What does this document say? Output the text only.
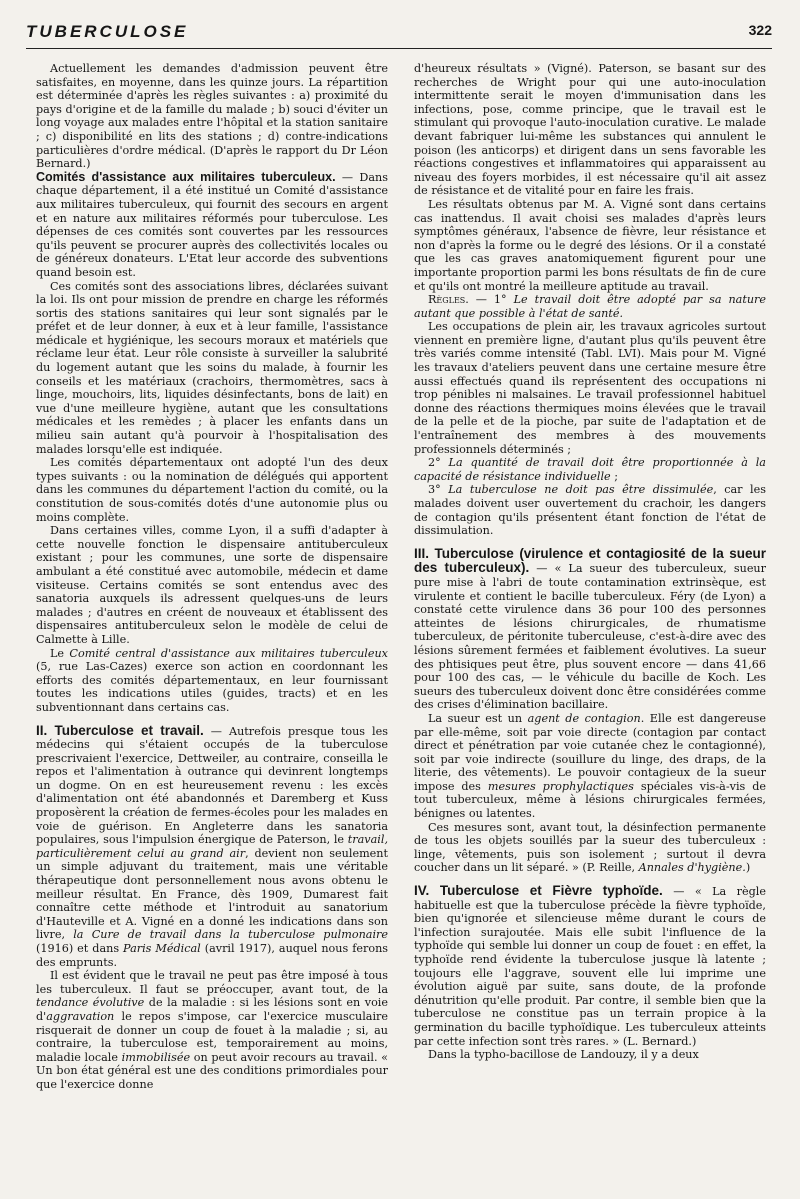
TUBERCULOSE	322

Actuellement les demandes d'admission peuvent être satisfaites, en moyenne, dans les quinze jours. La répartition est déterminée d'après les règles suivantes : a) proximité du pays d'origine et de la famille du malade ; b) souci d'éviter un long voyage aux malades entre l'hôpital et la station sanitaire ; c) disponibilité en lits des stations ; d) contre-indications particulières d'ordre médical. (D'après le rapport du Dr Léon Bernard.)

Comités d'assistance aux militaires tuberculeux. — Dans chaque département, il a été institué un Comité d'assistance aux militaires tuberculeux, qui fournit des secours en argent et en nature aux militaires réformés pour tuberculose. Les dépenses de ces comités sont couvertes par les ressources qu'ils peuvent se procurer auprès des collectivités locales ou de généreux donateurs. L'Etat leur accorde des subventions quand besoin est.

Ces comités sont des associations libres, déclarées suivant la loi. Ils ont pour mission de prendre en charge les réformés sortis des stations sanitaires qui leur sont signalés par le préfet et de leur donner, à eux et à leur famille, l'assistance médicale et hygiénique, les secours moraux et matériels que réclame leur état. Leur rôle consiste à surveiller la salubrité du logement autant que les soins du malade, à fournir les conseils et les matériaux (crachoirs, thermomètres, sacs à linge, mouchoirs, lits, liquides désinfectants, bons de lait) en vue d'une meilleure hygiène, autant que les consultations médicales et les remèdes ; à placer les enfants dans un milieu sain autant qu'à pourvoir à l'hospitalisation des malades lorsqu'elle est indiquée.

Les comités départementaux ont adopté l'un des deux types suivants : ou la nomination de délégués qui apportent dans les communes du département l'action du comité, ou la constitution de sous-comités dotés d'une autonomie plus ou moins complète.

Dans certaines villes, comme Lyon, il a suffi d'adapter à cette nouvelle fonction le dispensaire antituberculeux existant ; pour les communes, une sorte de dispensaire ambulant a été constitué avec automobile, médecin et dame visiteuse. Certains comités se sont entendus avec des sanatoria auxquels ils adressent quelques-uns de leurs malades ; d'autres en créent de nouveaux et établissent des dispensaires antituberculeux selon le modèle de celui de Calmette à Lille.

Le Comité central d'assistance aux militaires tuberculeux (5, rue Las-Cazes) exerce son action en coordonnant les efforts des comités départementaux, en leur fournissant toutes les indications utiles (guides, tracts) et en les subventionnant dans certains cas.

II. Tuberculose et travail. — Autrefois presque tous les médecins qui s'étaient occupés de la tuberculose prescrivaient l'exercice, Dettweiler, au contraire, conseilla le repos et l'alimentation à outrance qui devinrent longtemps un dogme. On en est heureusement revenu : les excès d'alimentation ont été abandonnés et Daremberg et Kuss proposèrent la création de fermes-écoles pour les malades en voie de guérison. En Angleterre dans les sanatoria populaires, sous l'impulsion énergique de Paterson, le travail, particulièrement celui au grand air, devient non seulement un simple adjuvant du traitement, mais une véritable thérapeutique dont personnellement nous avons obtenu le meilleur résultat. En France, dès 1909, Dumarest fait connaître cette méthode et l'introduit au sanatorium d'Hauteville et A. Vigné en a donné les indications dans son livre, la Cure de travail dans la tuberculose pulmonaire (1916) et dans Paris Médical (avril 1917), auquel nous ferons des emprunts.

Il est évident que le travail ne peut pas être imposé à tous les tuberculeux. Il faut se préoccuper, avant tout, de la tendance évolutive de la maladie : si les lésions sont en voie d'aggravation le repos s'impose, car l'exercice musculaire risquerait de donner un coup de fouet à la maladie ; si, au contraire, la tuberculose est, temporairement au moins, maladie locale immobilisée on peut avoir recours au travail. « Un bon état général est une des conditions primordiales pour que l'exercice donne

d'heureux résultats » (Vigné). Paterson, se basant sur des recherches de Wright pour qui une auto-inoculation intermittente serait le moyen d'immunisation dans les infections, pose, comme principe, que le travail est le stimulant qui provoque l'auto-inoculation curative. Le malade devant fabriquer lui-même les substances qui annulent le poison (les anticorps) et dirigent dans un sens favorable les réactions congestives et inflammatoires qui apparaissent au niveau des foyers morbides, il est nécessaire qu'il ait assez de résistance et de vitalité pour en faire les frais.

Les résultats obtenus par M. A. Vigné sont dans certains cas inattendus. Il avait choisi ses malades d'après leurs symptômes généraux, l'absence de fièvre, leur résistance et non d'après la forme ou le degré des lésions. Or il a constaté que les cas graves anatomiquement figurent pour une importante proportion parmi les bons résultats de fin de cure et qu'ils ont montré la meilleure aptitude au travail.

Règles. — 1° Le travail doit être adopté par sa nature autant que possible à l'état de santé.

Les occupations de plein air, les travaux agricoles surtout viennent en première ligne, d'autant plus qu'ils peuvent être très variés comme intensité (Tabl. LVI). Mais pour M. Vigné les travaux d'ateliers peuvent dans une certaine mesure être aussi effectués quand ils représentent des occupations ni trop pénibles ni malsaines. Le travail professionnel habituel donne des réactions thermiques moins élevées que le travail de la pelle et de la pioche, par suite de l'adaptation et de l'entraînement des membres à des mouvements professionnels déterminés ;

2° La quantité de travail doit être proportionnée à la capacité de résistance individuelle ;

3° La tuberculose ne doit pas être dissimulée, car les malades doivent user ouvertement du crachoir, les dangers de contagion qu'ils présentent étant fonction de l'état de dissimulation.

III. Tuberculose (virulence et contagiosité de la sueur des tuberculeux). — « La sueur des tuberculeux, sueur pure mise à l'abri de toute contamination extrinsèque, est virulente et contient le bacille tuberculeux. Féry (de Lyon) a constaté cette virulence dans 36 pour 100 des personnes atteintes de lésions chirurgicales, de rhumatisme tuberculeux, de péritonite tuberculeuse, c'est-à-dire avec des lésions sûrement fermées et faiblement évolutives. La sueur des phtisiques peut être, plus souvent encore — dans 41,66 pour 100 des cas, — le véhicule du bacille de Koch. Les sueurs des tuberculeux doivent donc être considérées comme des crises d'élimination bacillaire.

La sueur est un agent de contagion. Elle est dangereuse par elle-même, soit par voie directe (contagion par contact direct et pénétration par voie cutanée chez le contagionné), soit par voie indirecte (souillure du linge, des draps, de la literie, des vêtements). Le pouvoir contagieux de la sueur impose des mesures prophylactiques spéciales vis-à-vis de tout tuberculeux, même à lésions chirurgicales fermées, bénignes ou latentes.

Ces mesures sont, avant tout, la désinfection permanente de tous les objets souillés par la sueur des tuberculeux : linge, vêtements, puis son isolement ; surtout il devra coucher dans un lit séparé. » (P. Reille, Annales d'hygiène.)

IV. Tuberculose et Fièvre typhoïde. — « La règle habituelle est que la tuberculose précède la fièvre typhoïde, bien qu'ignorée et silencieuse même durant le cours de l'infection surajoutée. Mais elle subit l'influence de la typhoïde qui semble lui donner un coup de fouet : en effet, la typhoïde rend évidente la tuberculose jusque là latente ; toujours elle l'aggrave, souvent elle lui imprime une évolution aiguë par suite, sans doute, de la profonde dénutrition qu'elle produit. Par contre, il semble bien que la tuberculose ne constitue pas un terrain propice à la germination du bacille typhoïdique. Les tuberculeux atteints par cette infection sont très rares. » (L. Bernard.)

Dans la typho-bacillose de Landouzy, il y a deux
